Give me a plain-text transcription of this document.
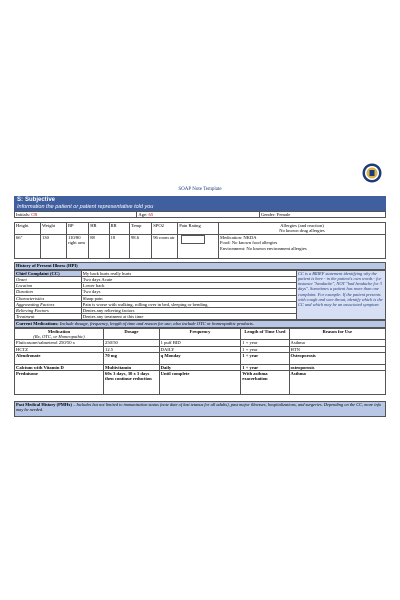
SOAP Note Template
S: Subjective
Information the patient or patient representative told you
Initials: CR	Age: 65	Gender: Female
Height	Weight	BP	HR	RR	Temp	SPO2	Pain Rating	Allergies (and reaction)
No known drug allergies
66"	130	110/80 right arm	88	18	98.6	96 room air		Medication: NKDA
Food: No known food allergies
Environment: No known environment allergies
History of Present Illness (HPI)
Chief Complaint (CC)	My back hurts really hurts	CC is a BRIEF statement identifying why the patient is here - in the patient's own words - for instance "headache", NOT "bad headache for 3 days". Sometimes a patient has more than one complaint. For example: If the patient presents with cough and sore throat, identify which is the CC and which may be an associated symptom
Onset	Two days Acute	
Location	Lower back	
Duration	Two days	
Characteristics	Sharp pain	
Aggravating Factors	Pain is worse with walking, rolling over in bed, sleeping or bending.	
Relieving Factors	Denies any relieving factors	
Treatment	Denies any treatment at this time	
Current Medications: Include dosage, frequency, length of time and reason for use; also include OTC or homeopathic products.
Medication
(Rx, OTC, or Homeopathic)	Dosage	Frequency	Length of Time Used	Reason for Use
Fluticasone/salmeterol 250/50 x	250/50	1 puff BID	1 + year	Asthma
HCTZ	12.5	DAILY	1 + year	HTN
Alendronate	70 mg	q Monday	1 + year	Osteoporosis
Calcium with Vitamin D	Multivitamin	Daily	1 + year	osteoporosis
Prednisone	60x 3 days, 30 x 3 days then continue reduction	Until complete	With asthma exacerbation	Asthma
Past Medical History (PMHx) – Includes but not limited to immunization status (note date of last tetanus for all adults), past major illnesses, hospitalizations, and surgeries. Depending on the CC, more info may be needed.
